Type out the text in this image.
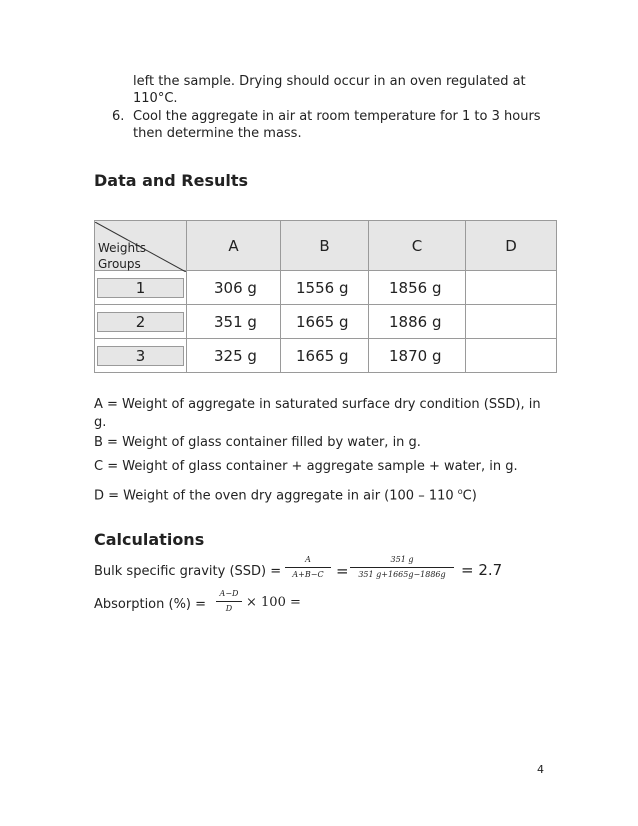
left the sample. Drying should occur in an oven regulated at
110°C.
6. Cool the aggregate in air at room temperature for 1 to 3 hours
then determine the mass.
Data and Results
Weights
Groups	A	B	C	D

1	306 g	1556 g	1856 g	

2	351 g	1665 g	1886 g	

3	325 g	1665 g	1870 g	
A = Weight of aggregate in saturated surface dry condition (SSD), in
g.
B = Weight of glass container filled by water, in g.
C = Weight of glass container + aggregate sample + water, in g.
D = Weight of the oven dry aggregate in air (100 – 110 $^o$C)
Calculations
Bulk specific gravity (SSD) =
A
A+B−C =
351 g
351 g+1665g−1886g	= 2.7
Absorption (%) =
A−D
D	× 100 =
4
